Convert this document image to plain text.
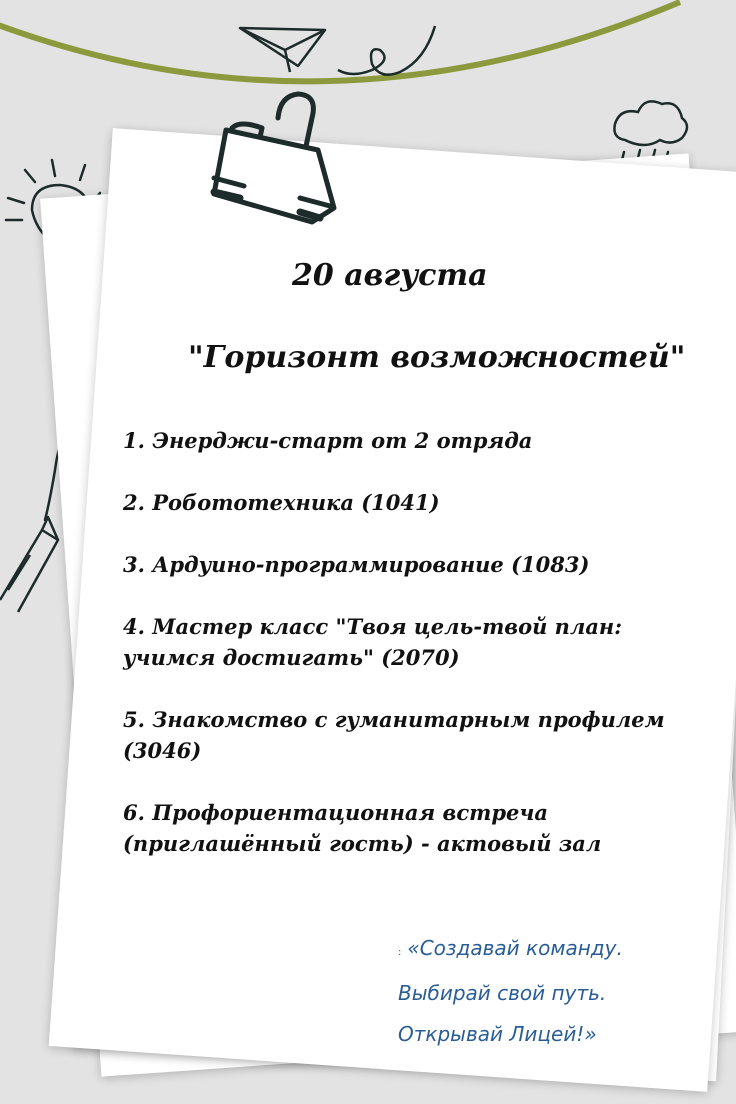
20 августа
"Горизонт возможностей"
1. Энерджи-старт от 2 отряда
2. Робототехника (1041)
3. Ардуино-программирование (1083)
4. Мастер класс "Твоя цель-твой план: учимся достигать" (2070)
5. Знакомство с гуманитарным профилем (3046)
6. Профориентационная встреча (приглашённый гость) - актовый зал
: «Создавай команду.
Выбирай свой путь.
Открывай Лицей!»
